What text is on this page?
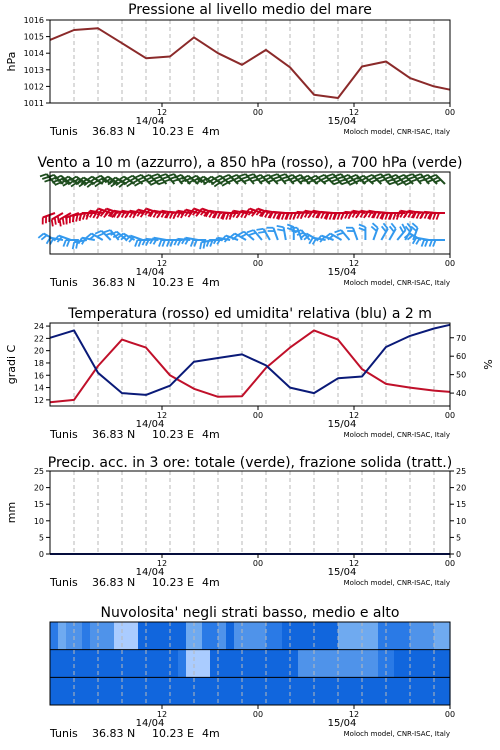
Pressione al livello medio del mare
1011
1012
1013
1014
1015
1016
hPa
12	00	12	00
14/04	15/04
Tunis 36.83 N 10.23 E 4m	Moloch model, CNR-ISAC, Italy
Vento a 10 m (azzurro), a 850 hPa (rosso), a 700 hPa (verde)
12	00	12	00
14/04	15/04
Tunis 36.83 N 10.23 E 4m	Moloch model, CNR-ISAC, Italy
Temperatura (rosso) ed umidita' relativa (blu) a 2 m
12
14
16
18
20
22
24
40
50
60
70
gradi C	%
12	00	12	00
14/04	15/04
Tunis 36.83 N 10.23 E 4m	Moloch model, CNR-ISAC, Italy
Precip. acc. in 3 ore: totale (verde), frazione solida (tratt.)
0
5
10
15
20
25
0
5
10
15
20
25
mm
12	00	12	00
14/04	15/04
Tunis 36.83 N 10.23 E 4m	Moloch model, CNR-ISAC, Italy
Nuvolosita' negli strati basso, medio e alto
12	00	12	00
14/04	15/04
Tunis 36.83 N 10.23 E 4m	Moloch model, CNR-ISAC, Italy
